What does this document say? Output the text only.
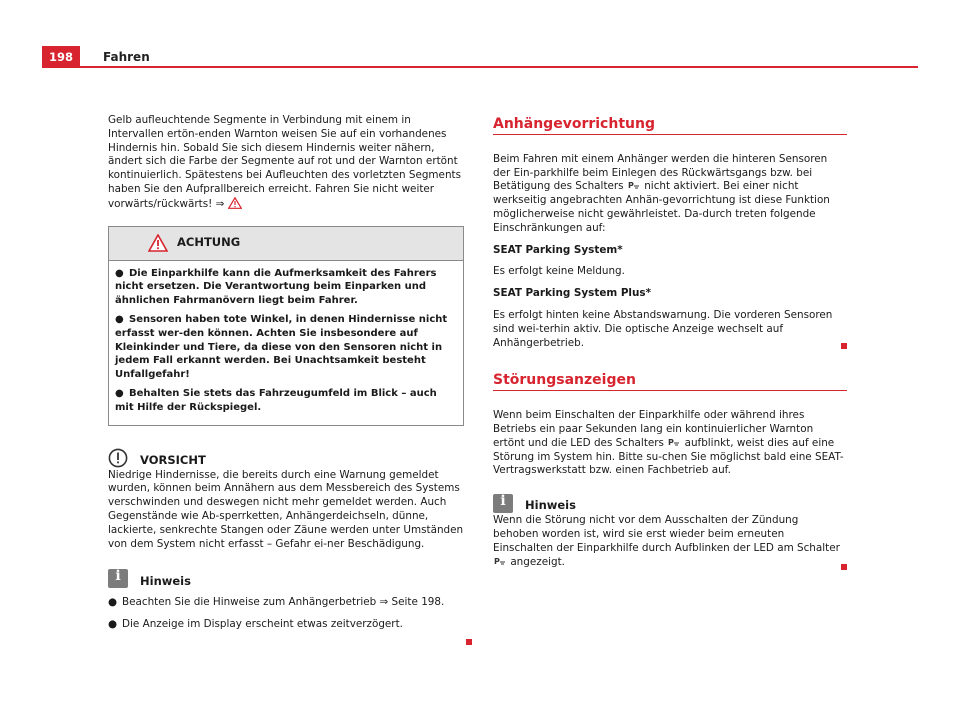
198	Fahren

Gelb aufleuchtende Segmente in Verbindung mit einem in Intervallen ertön-enden Warnton weisen Sie auf ein vorhandenes Hindernis hin. Sobald Sie sich diesem Hindernis weiter nähern, ändert sich die Farbe der Segmente auf rot und der Warnton ertönt kontinuierlich. Spätestens bei Aufleuchten des vorletzten Segments haben Sie den Aufprallbereich erreicht. Fahren Sie nicht weiter vorwärts/rückwärts! ⇒

ACHTUNG

● Die Einparkhilfe kann die Aufmerksamkeit des Fahrers nicht ersetzen. Die Verantwortung beim Einparken und ähnlichen Fahrmanövern liegt beim Fahrer.

● Sensoren haben tote Winkel, in denen Hindernisse nicht erfasst wer-den können. Achten Sie insbesondere auf Kleinkinder und Tiere, da diese von den Sensoren nicht in jedem Fall erkannt werden. Bei Unachtsamkeit besteht Unfallgefahr!

● Behalten Sie stets das Fahrzeugumfeld im Blick – auch mit Hilfe der Rückspiegel.

VORSICHT
Niedrige Hindernisse, die bereits durch eine Warnung gemeldet wurden, können beim Annähern aus dem Messbereich des Systems verschwinden und deswegen nicht mehr gemeldet werden. Auch Gegenstände wie Ab-sperrketten, Anhängerdeichseln, dünne, lackierte, senkrechte Stangen oder Zäune werden unter Umständen von dem System nicht erfasst – Gefahr ei-ner Beschädigung.
i	Hinweis
● Beachten Sie die Hinweise zum Anhängerbetrieb ⇒ Seite 198.
● Die Anzeige im Display erscheint etwas zeitverzögert.
Anhängevorrichtung

Beim Fahren mit einem Anhänger werden die hinteren Sensoren der Ein-parkhilfe beim Einlegen des Rückwärtsgangs bzw. bei Betätigung des Schalters P nicht aktiviert. Bei einer nicht werkseitig angebrachten Anhän-gevorrichtung ist diese Funktion möglicherweise nicht gewährleistet. Da-durch treten folgende Einschränkungen auf:

SEAT Parking System*

Es erfolgt keine Meldung.

SEAT Parking System Plus*

Es erfolgt hinten keine Abstandswarnung. Die vorderen Sensoren sind wei-terhin aktiv. Die optische Anzeige wechselt auf Anhängerbetrieb.

Störungsanzeigen

Wenn beim Einschalten der Einparkhilfe oder während ihres Betriebs ein paar Sekunden lang ein kontinuierlicher Warnton ertönt und die LED des Schalters P aufblinkt, weist dies auf eine Störung im System hin. Bitte su-chen Sie möglichst bald eine SEAT-Vertragswerkstatt bzw. einen Fachbetrieb auf.

i	Hinweis

Wenn die Störung nicht vor dem Ausschalten der Zündung behoben worden ist, wird sie erst wieder beim erneuten Einschalten der Einparkhilfe durch Aufblinken der LED am Schalter
P angezeigt.
